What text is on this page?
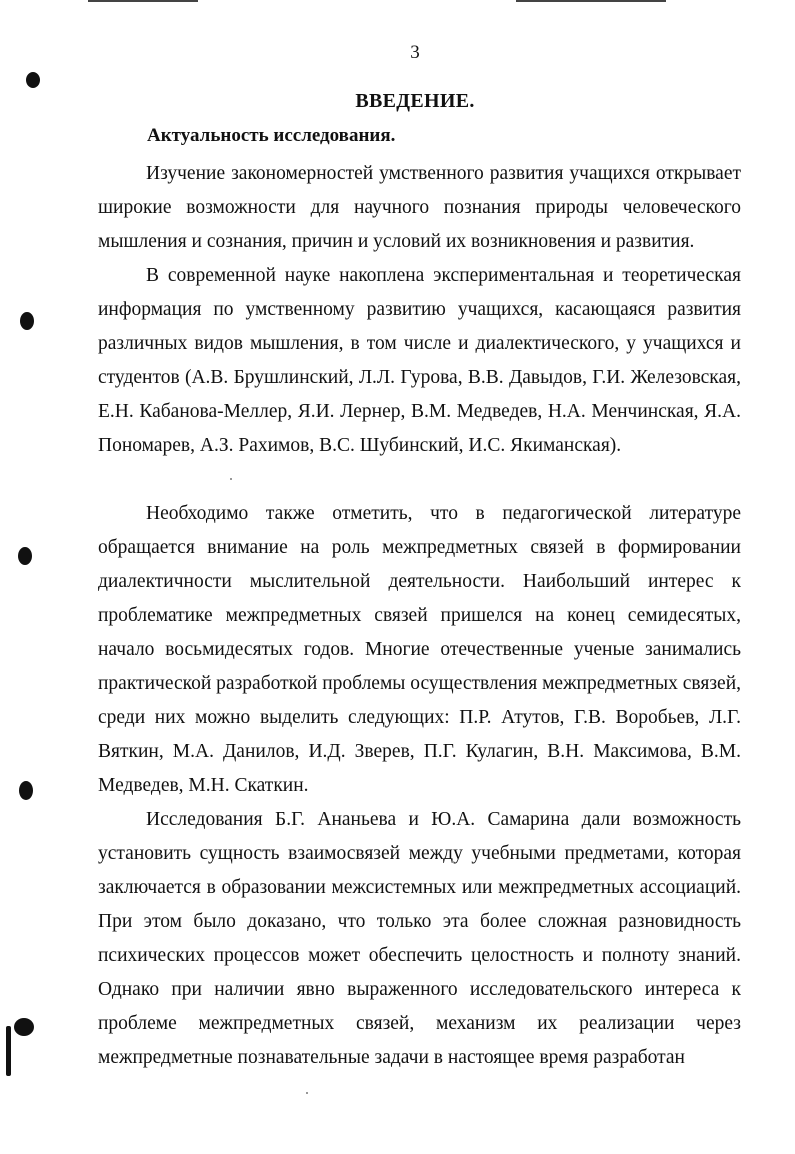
3
ВВЕДЕНИЕ.
Актуальность исследования.

Изучение закономерностей умственного развития учащихся открывает широкие возможности для научного познания природы человеческого мышления и сознания, причин и условий их возникновения и развития.

В современной науке накоплена экспериментальная и теоретическая информация по умственному развитию учащихся, касающаяся развития различных видов мышления, в том числе и диалектического, у учащихся и студентов (А.В. Брушлинский, Л.Л. Гурова, В.В. Давыдов, Г.И. Железовская, Е.Н. Кабанова-Меллер, Я.И. Лернер, В.М. Медведев, Н.А. Менчинская, Я.А. Пономарев, А.З. Рахимов, В.С. Шубинский, И.С. Якиманская).

Необходимо также отметить, что в педагогической литературе обращается внимание на роль межпредметных связей в формировании диалектичности мыслительной деятельности. Наибольший интерес к проблематике межпредметных связей пришелся на конец семидесятых, начало восьмидесятых годов. Многие отечественные ученые занимались практической разработкой проблемы осуществления межпредметных связей, среди них можно выделить следующих: П.Р. Атутов, Г.В. Воробьев, Л.Г. Вяткин, М.А. Данилов, И.Д. Зверев, П.Г. Кулагин, В.Н. Максимова, В.М. Медведев, М.Н. Скаткин.

Исследования Б.Г. Ананьева и Ю.А. Самарина дали возможность установить сущность взаимосвязей между учебными предметами, которая заключается в образовании межсистемных или межпредметных ассоциаций. При этом было доказано, что только эта более сложная разновидность психических процессов может обеспечить целостность и полноту знаний. Однако при наличии явно выраженного исследовательского интереса к проблеме межпредметных связей, механизм их реализации через межпредметные познавательные задачи в настоящее время разработан
